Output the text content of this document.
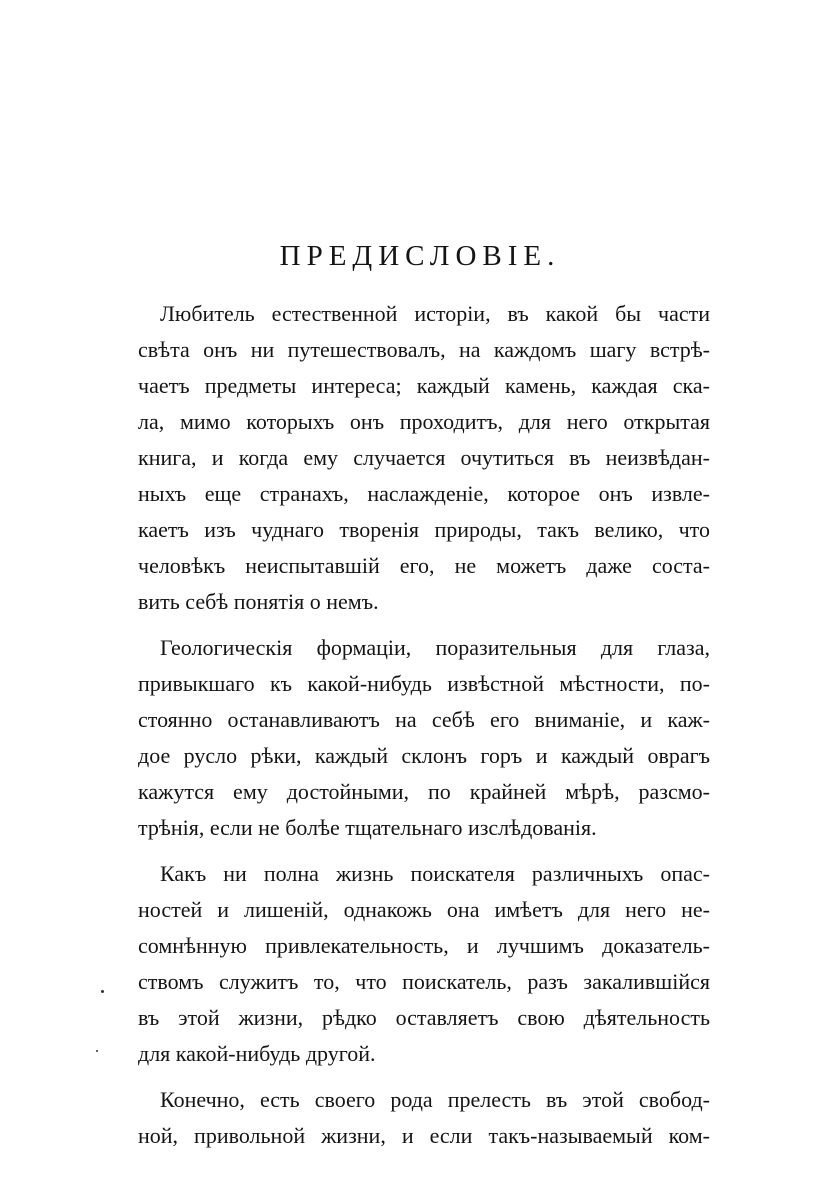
ПРЕДИСЛОВІЕ.
Любитель естественной исторіи, въ какой бы части
свѣта онъ ни путешествовалъ, на каждомъ шагу встрѣ-
чаетъ предметы интереса; каждый камень, каждая ска-
ла, мимо которыхъ онъ проходитъ, для него открытая
книга, и когда ему случается очутиться въ неизвѣдан-
ныхъ еще странахъ, наслажденіе, которое онъ извле-
каетъ изъ чуднаго творенія природы, такъ велико, что
человѣкъ неиспытавшій его, не можетъ даже соста-
вить себѣ понятія о немъ.
Геологическія формаціи, поразительныя для глаза,
привыкшаго къ какой-нибудь извѣстной мѣстности, по-
стоянно останавливаютъ на себѣ его вниманіе, и каж-
дое русло рѣки, каждый склонъ горъ и каждый оврагъ
кажутся ему достойными, по крайней мѣрѣ, разсмо-
трѣнія, если не болѣе тщательнаго изслѣдованія.
Какъ ни полна жизнь поискателя различныхъ опас-
ностей и лишеній, однакожь она имѣетъ для него не-
сомнѣнную привлекательность, и лучшимъ доказатель-
ствомъ служитъ то, что поискатель, разъ закалившійся
въ этой жизни, рѣдко оставляетъ свою дѣятельность
для какой-нибудь другой.
Конечно, есть своего рода прелесть въ этой свобод-
ной, привольной жизни, и если такъ-называемый ком-
